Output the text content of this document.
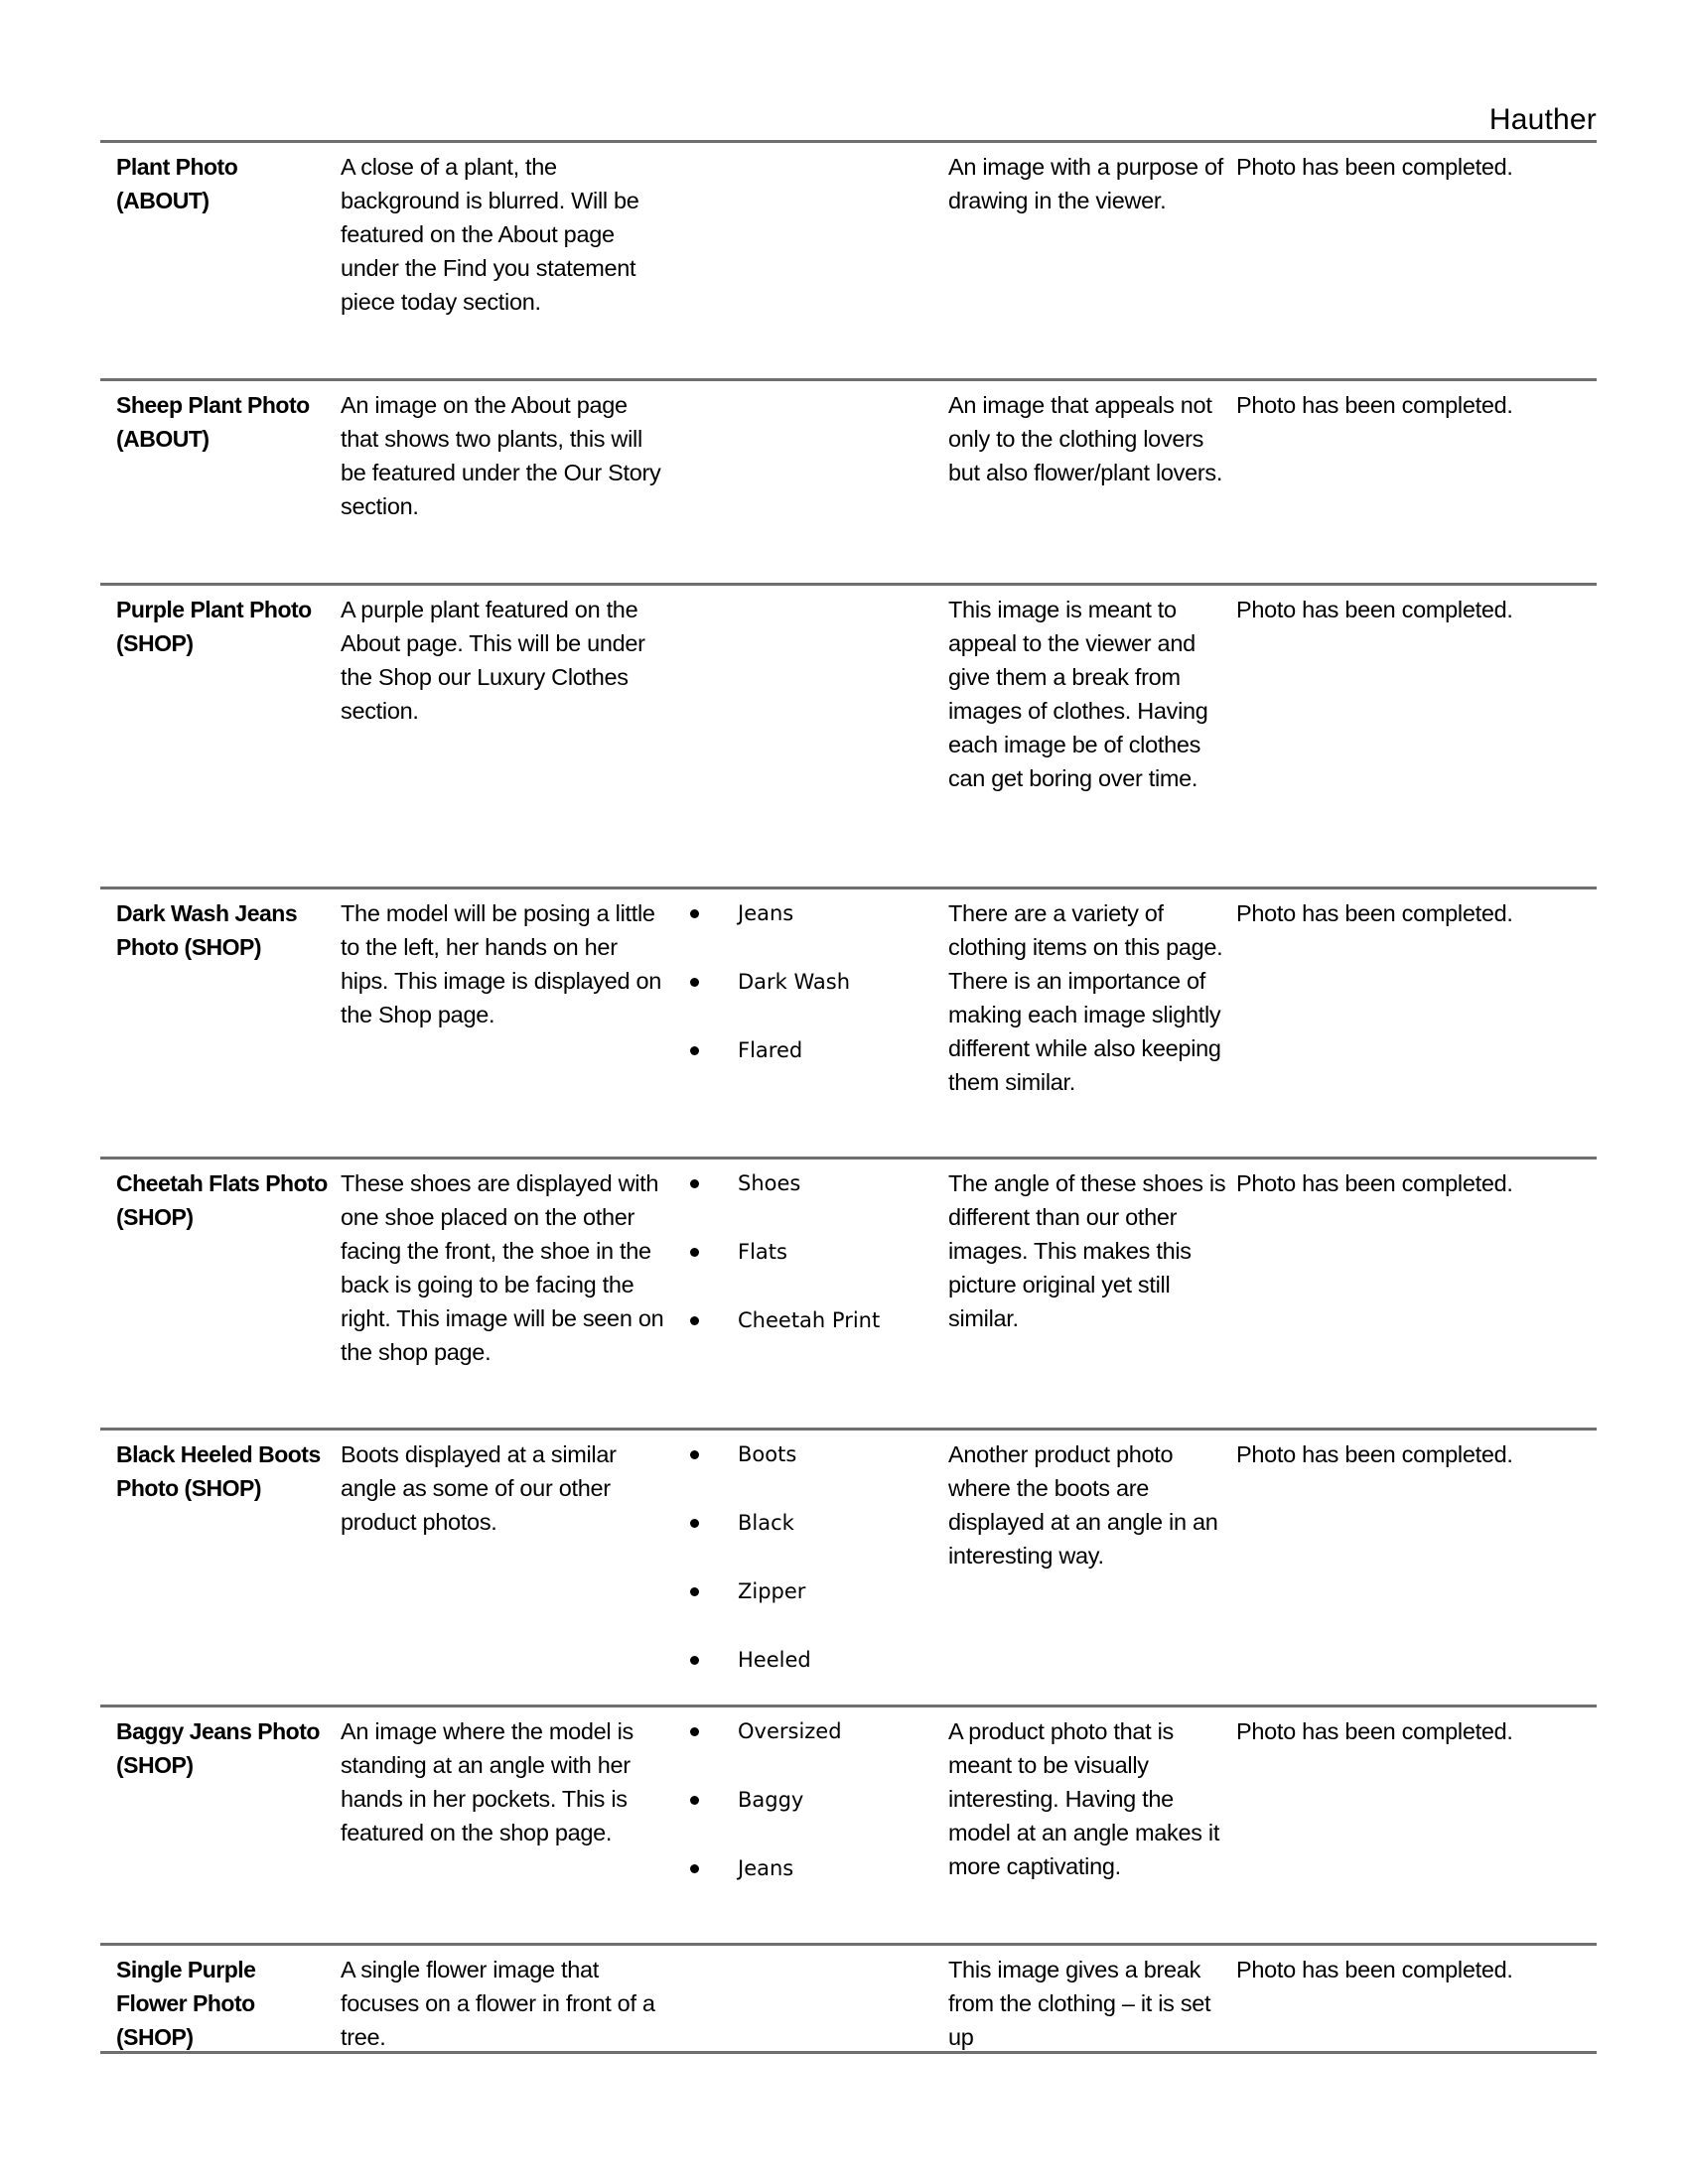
Hauther
Plant Photo (ABOUT)
A close of a plant, the background is blurred. Will be featured on the About page under the Find you statement piece today section.
An image with a purpose of drawing in the viewer.
Photo has been completed.
Sheep Plant Photo (ABOUT)
An image on the About page that shows two plants, this will be featured under the Our Story section.
An image that appeals not only to the clothing lovers but also flower/plant lovers.
Photo has been completed.
Purple Plant Photo (SHOP)
A purple plant featured on the About page. This will be under the Shop our Luxury Clothes section.
This image is meant to appeal to the viewer and give them a break from images of clothes. Having each image be of clothes can get boring over time.
Photo has been completed.
Dark Wash Jeans Photo (SHOP)
The model will be posing a little to the left, her hands on her hips. This image is displayed on the Shop page.
Jeans
Dark Wash
Flared
There are a variety of clothing items on this page. There is an importance of making each image slightly different while also keeping them similar.
Photo has been completed.
Cheetah Flats Photo (SHOP)
These shoes are displayed with one shoe placed on the other facing the front, the shoe in the back is going to be facing the right. This image will be seen on the shop page.
Shoes
Flats
Cheetah Print
The angle of these shoes is different than our other images. This makes this picture original yet still similar.
Photo has been completed.
Black Heeled Boots Photo (SHOP)
Boots displayed at a similar angle as some of our other product photos.
Boots
Black
Zipper
Heeled
Another product photo where the boots are displayed at an angle in an interesting way.
Photo has been completed.
Baggy Jeans Photo (SHOP)
An image where the model is standing at an angle with her hands in her pockets. This is featured on the shop page.
Oversized
Baggy
Jeans
A product photo that is meant to be visually interesting. Having the model at an angle makes it more captivating.
Photo has been completed.
Single Purple Flower Photo (SHOP)
A single flower image that focuses on a flower in front of a tree.
This image gives a break from the clothing – it is set up
Photo has been completed.
